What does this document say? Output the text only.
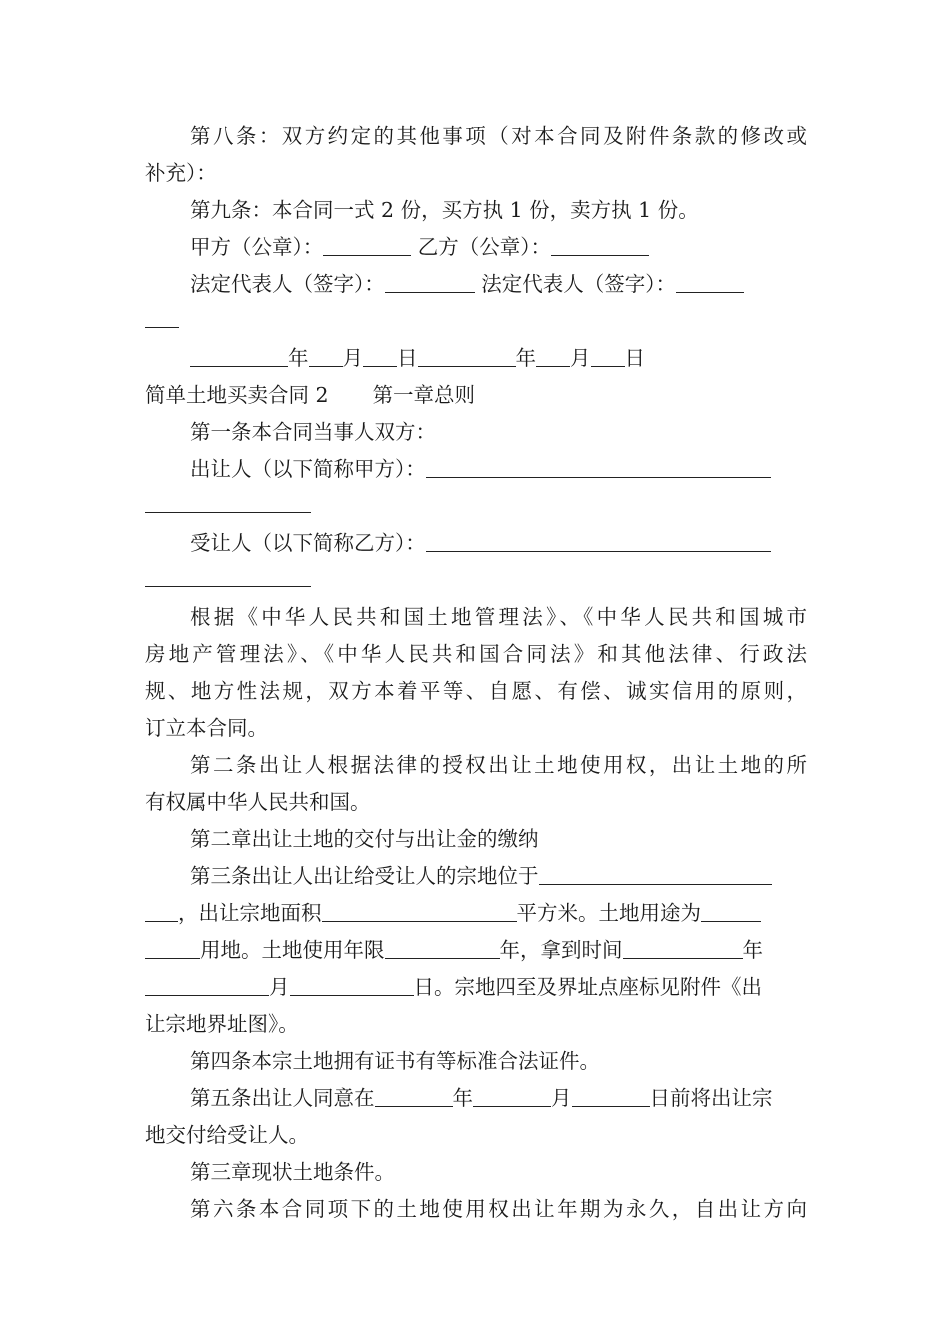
第八条：双方约定的其他事项（对本合同及附件条款的修改或
补充）：
第九条：本合同一式 2 份，买方执 1 份，卖方执 1 份。
甲方（公章）：	乙方（公章）：
法定代表人（签字）：	法定代表人（签字）：
年 月 日	年 月 日
简单土地买卖合同 2 第一章总则
第一条本合同当事人双方：
出让人（以下简称甲方）：
受让人（以下简称乙方）：
根据《中华人民共和国土地管理法》、《中华人民共和国城市
房地产管理法》、《中华人民共和国合同法》和其他法律、行政法
规、地方性法规，双方本着平等、自愿、有偿、诚实信用的原则，
订立本合同。
第二条出让人根据法律的授权出让土地使用权，出让土地的所
有权属中华人民共和国。
第二章出让土地的交付与出让金的缴纳
第三条出让人出让给受让人的宗地位于
，出让宗地面积	平方米。土地用途为
用地。土地使用年限	年，拿到时间	年
月	日。宗地四至及界址点座标见附件《出
让宗地界址图》。
第四条本宗土地拥有证书有等标准合法证件。
第五条出让人同意在	年	月	日前将出让宗
地交付给受让人。
第三章现状土地条件。
第六条本合同项下的土地使用权出让年期为永久，自出让方向
